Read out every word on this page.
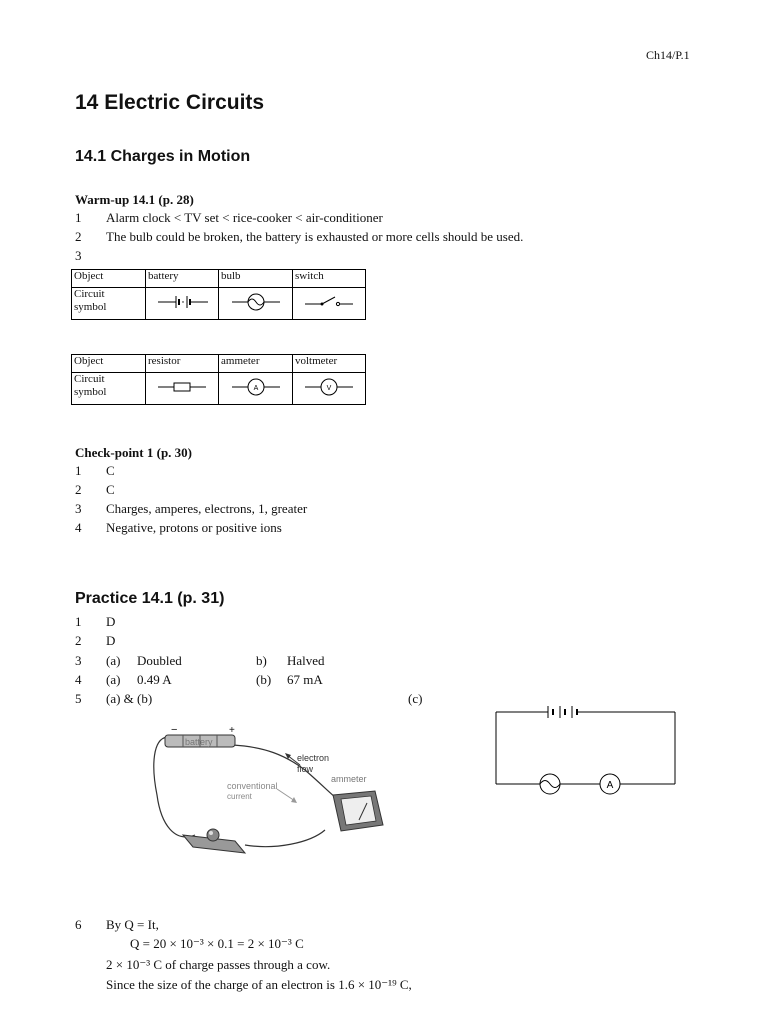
Ch14/P.1
14 Electric Circuits
14.1 Charges in Motion
Warm-up 14.1 (p. 28)
1 Alarm clock < TV set < rice-cooker < air-conditioner
2 The bulb could be broken, the battery is exhausted or more cells should be used.
3
Object	battery	bulb	switch

Circuit
symbol

Object	resistor	ammeter	voltmeter

Circuit
symbol		A	V
Check-point 1 (p. 30)
1 C
2 C
3 Charges, amperes, electrons, 1, greater
4 Negative, protons or positive ions
Practice 14.1 (p. 31)
1 D
2 D
3 (a) Doubled	b) Halved
4 (a) 0.49 A	(b) 67 mA
5 (a) & (b)	(c)
−
battery
+
electron
flow
ammeter
conventional
current
A
6 By Q = It,
Q = 20 × 10⁻³ × 0.1 = 2 × 10⁻³ C
2 × 10⁻³ C of charge passes through a cow.
Since the size of the charge of an electron is 1.6 × 10⁻¹⁹ C,
